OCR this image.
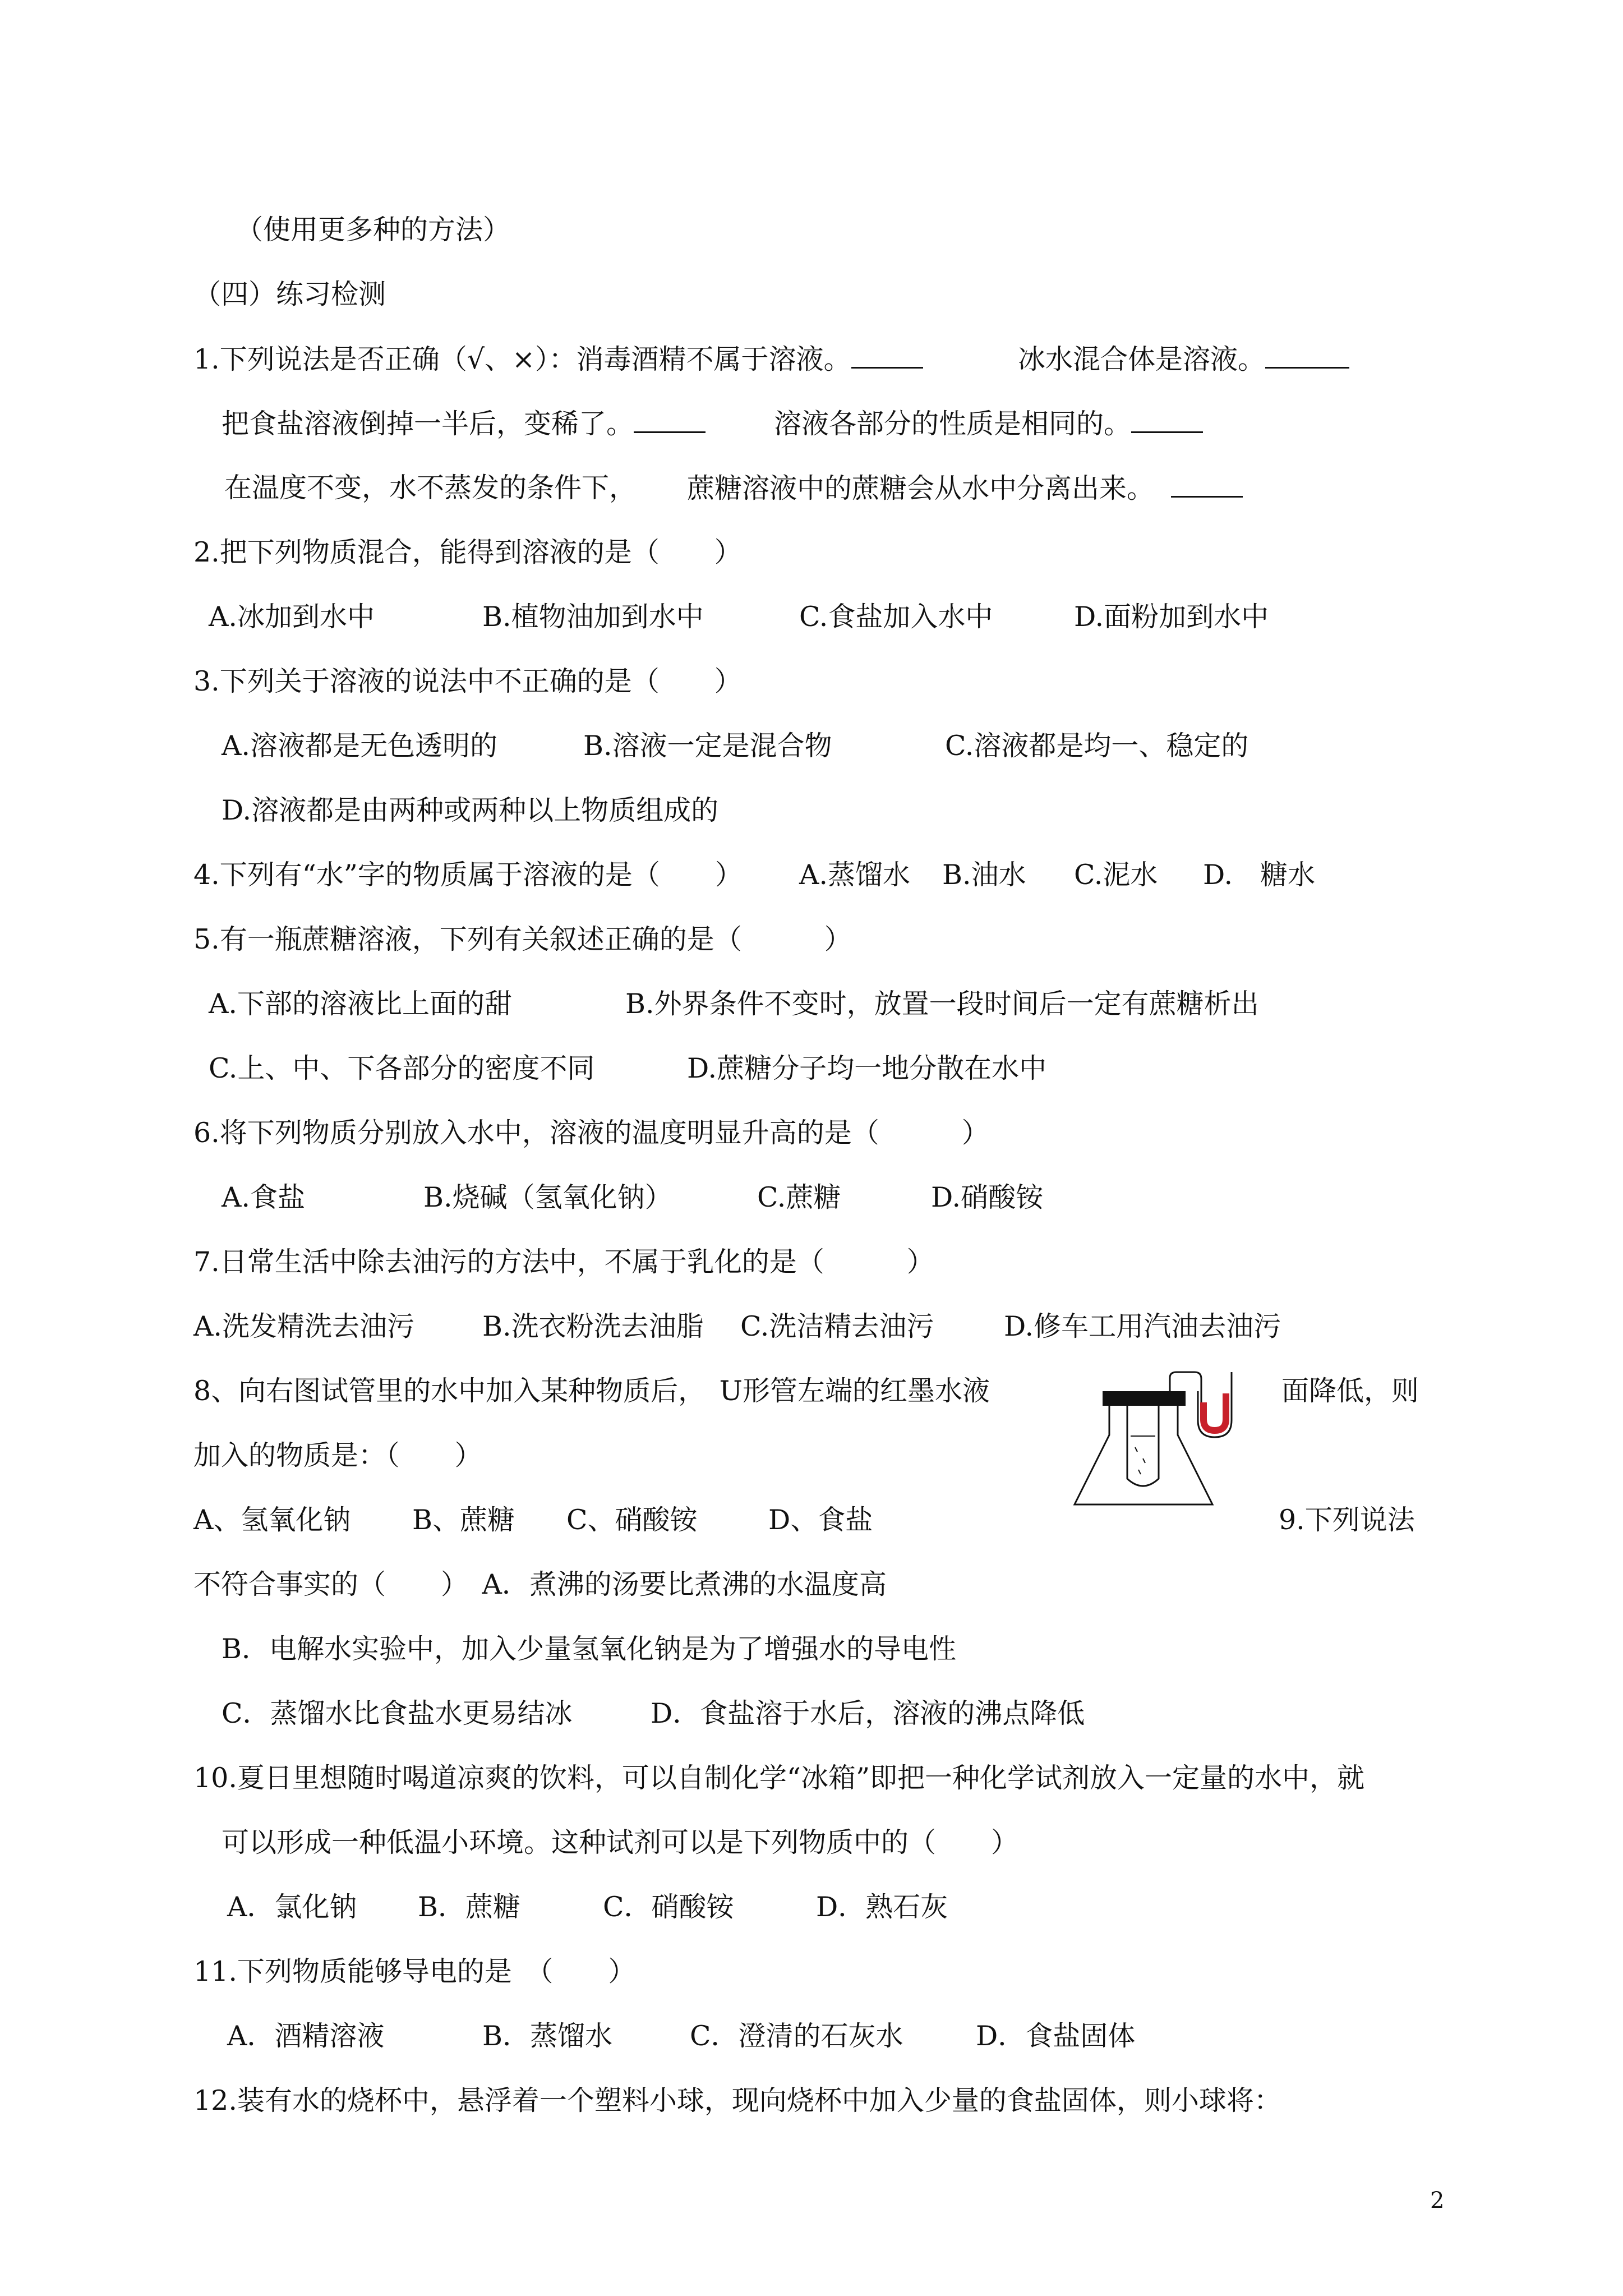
（使用更多种的方法）
（四）练习检测
1.下列说法是否正确（√、×）：消毒酒精不属于溶液。	冰水混合体是溶液。
把食盐溶液倒掉一半后，变稀了。	溶液各部分的性质是相同的。
在温度不变，水不蒸发的条件下， 蔗糖溶液中的蔗糖会从水中分离出来。
2.把下列物质混合，能得到溶液的是（　　）
A.冰加到水中	B.植物油加到水中	C.食盐加入水中	D.面粉加到水中
3.下列关于溶液的说法中不正确的是（　　）
A.溶液都是无色透明的	B.溶液一定是混合物	C.溶液都是均一、稳定的
D.溶液都是由两种或两种以上物质组成的
4.下列有“水”字的物质属于溶液的是（　　） A.蒸馏水 B.油水 C.泥水 D.　糖水
5.有一瓶蔗糖溶液，下列有关叙述正确的是（　　　）
A.下部的溶液比上面的甜	B.外界条件不变时，放置一段时间后一定有蔗糖析出
C.上、中、下各部分的密度不同	D.蔗糖分子均一地分散在水中
6.将下列物质分别放入水中，溶液的温度明显升高的是（　　　）
A.食盐	B.烧碱（氢氧化钠）	C.蔗糖	D.硝酸铵
7.日常生活中除去油污的方法中，不属于乳化的是（　　　）
A.洗发精洗去油污 B.洗衣粉洗去油脂 C.洗洁精去油污	D.修车工用汽油去油污
8、向右图试管里的水中加入某种物质后，　U形管左端的红墨水液	面降低，则
加入的物质是：（　　）
A、氢氧化钠 B、蔗糖 C、硝酸铵	D、食盐	9.下列说法
不符合事实的（　　）　A．煮沸的汤要比煮沸的水温度高
B．电解水实验中，加入少量氢氧化钠是为了增强水的导电性
C．蒸馏水比食盐水更易结冰	D．食盐溶于水后，溶液的沸点降低
10.夏日里想随时喝道凉爽的饮料，可以自制化学“冰箱”即把一种化学试剂放入一定量的水中，就
可以形成一种低温小环境。这种试剂可以是下列物质中的（　　）
A．氯化钠 B．蔗糖	C．硝酸铵	D．熟石灰
11.下列物质能够导电的是　（　　）
A．酒精溶液	B．蒸馏水	C．澄清的石灰水	D．食盐固体
12.装有水的烧杯中，悬浮着一个塑料小球，现向烧杯中加入少量的食盐固体，则小球将：
2
